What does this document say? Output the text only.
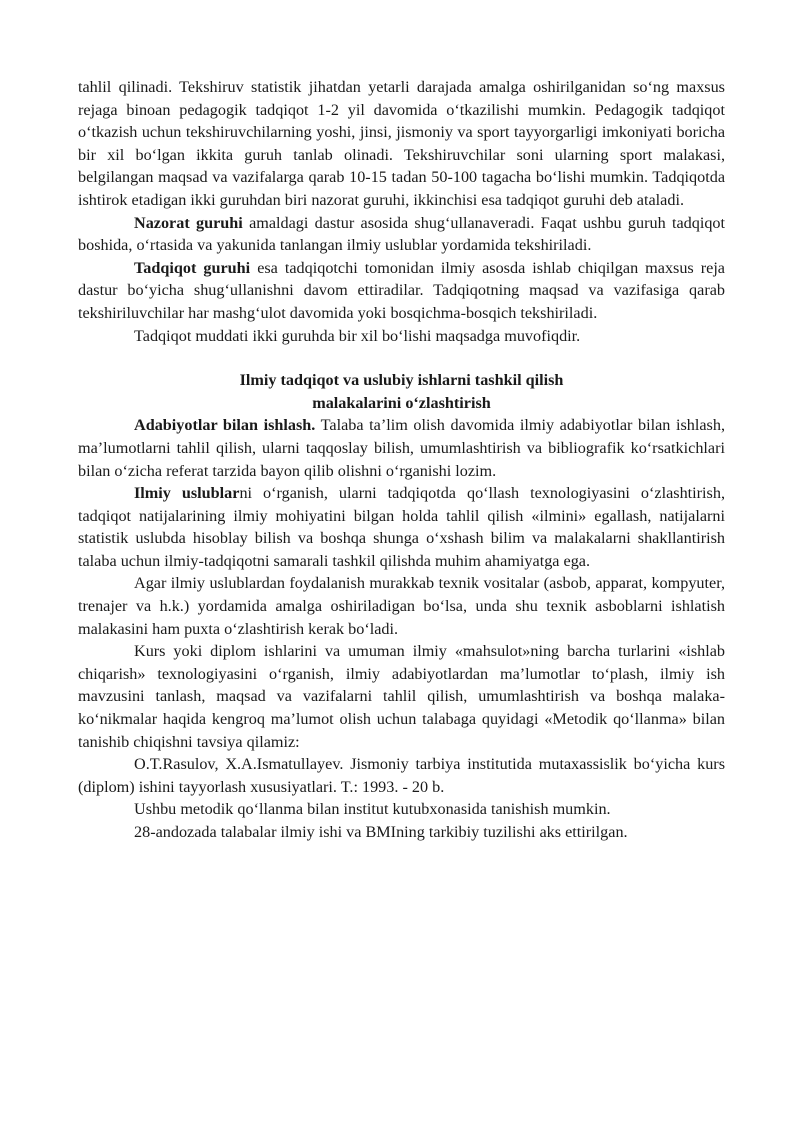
tahlil qilinadi. Tekshiruv statistik jihatdan yetarli darajada amalga oshirilganidan so‘ng maxsus rejaga binoan pedagogik tadqiqot 1-2 yil davomida o‘tkazilishi mumkin. Pedagogik tadqiqot o‘tkazish uchun tekshiruvchilarning yoshi, jinsi, jismoniy va sport tayyorgarligi imkoniyati boricha bir xil bo‘lgan ikkita guruh tanlab olinadi. Tekshiruvchilar soni ularning sport malakasi, belgilangan maqsad va vazifalarga qarab 10-15 tadan 50-100 tagacha bo‘lishi mumkin. Tadqiqotda ishtirok etadigan ikki guruhdan biri nazorat guruhi, ikkinchisi esa tadqiqot guruhi deb ataladi.

Nazorat guruhi amaldagi dastur asosida shug‘ullanaveradi. Faqat ushbu guruh tadqiqot boshida, o‘rtasida va yakunida tanlangan ilmiy uslublar yordamida tekshiriladi.

Tadqiqot guruhi esa tadqiqotchi tomonidan ilmiy asosda ishlab chiqilgan maxsus reja dastur bo‘yicha shug‘ullanishni davom ettiradilar. Tadqiqotning maqsad va vazifasiga qarab tekshiriluvchilar har mashg‘ulot davomida yoki bosqichma-bosqich tekshiriladi.

Tadqiqot muddati ikki guruhda bir xil bo‘lishi maqsadga muvofiqdir.

Ilmiy tadqiqot va uslubiy ishlarni tashkil qilish
malakalarini o‘zlashtirish

Adabiyotlar bilan ishlash. Talaba ta’lim olish davomida ilmiy adabiyotlar bilan ishlash, ma’lumotlarni tahlil qilish, ularni taqqoslay bilish, umumlashtirish va bibliografik ko‘rsatkichlari bilan o‘zicha referat tarzida bayon qilib olishni o‘rganishi lozim.

Ilmiy uslublarni o‘rganish, ularni tadqiqotda qo‘llash texnologiyasini o‘zlashtirish, tadqiqot natijalarining ilmiy mohiyatini bilgan holda tahlil qilish «ilmini» egallash, natijalarni statistik uslubda hisoblay bilish va boshqa shunga o‘xshash bilim va malakalarni shakllantirish talaba uchun ilmiy-tadqiqotni samarali tashkil qilishda muhim ahamiyatga ega.

Agar ilmiy uslublardan foydalanish murakkab texnik vositalar (asbob, apparat, kompyuter, trenajer va h.k.) yordamida amalga oshiriladigan bo‘lsa, unda shu texnik asboblarni ishlatish malakasini ham puxta o‘zlashtirish kerak bo‘ladi.

Kurs yoki diplom ishlarini va umuman ilmiy «mahsulot»ning barcha turlarini «ishlab chiqarish» texnologiyasini o‘rganish, ilmiy adabiyotlardan ma’lumotlar to‘plash, ilmiy ish mavzusini tanlash, maqsad va vazifalarni tahlil qilish, umumlashtirish va boshqa malaka-ko‘nikmalar haqida kengroq ma’lumot olish uchun talabaga quyidagi «Metodik qo‘llanma» bilan tanishib chiqishni tavsiya qilamiz:

O.T.Rasulov, X.A.Ismatullayev. Jismoniy tarbiya institutida mutaxassislik bo‘yicha kurs (diplom) ishini tayyorlash xususiyatlari. T.: 1993. - 20 b.

Ushbu metodik qo‘llanma bilan institut kutubxonasida tanishish mumkin.

28-andozada talabalar ilmiy ishi va BMIning tarkibiy tuzilishi aks ettirilgan.
